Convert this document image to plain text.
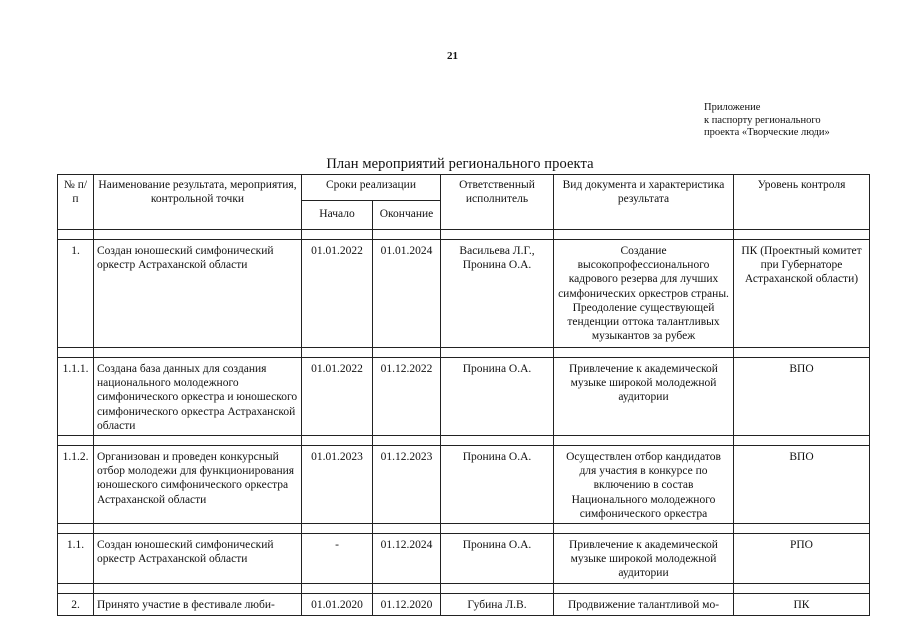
21
Приложение
к паспорту регионального
проекта «Творческие люди»
План мероприятий регионального проекта
№ п/п	Наименование результата, мероприятия, контрольной точки	Сроки реализации		Ответственный исполнитель	Вид документа и характеристика результата	Уровень контроля
		Начало	Окончание			

1.	Создан юношеский симфонический оркестр Астраханской области	01.01.2022	01.01.2024	Васильева Л.Г., Пронина О.А.	Создание высокопрофессионального кадрового резерва для лучших симфонических оркестров страны. Преодоление существующей тенденции оттока талантливых музыкантов за рубеж	ПК (Проектный комитет при Губернаторе Астраханской области)

1.1.1.	Создана база данных для создания национального молодежного симфонического оркестра и юношеского симфонического оркестра Астраханской области	01.01.2022	01.12.2022	Пронина О.А.	Привлечение к академической музыке широкой молодежной аудитории	ВПО

1.1.2.	Организован и проведен конкурсный отбор молодежи для функционирования юношеского симфонического оркестра Астраханской области	01.01.2023	01.12.2023	Пронина О.А.	Осуществлен отбор кандидатов для участия в конкурсе по включению в состав Национального молодежного симфонического оркестра	ВПО

1.1.	Создан юношеский симфонический оркестр Астраханской области	-	01.12.2024	Пронина О.А.	Привлечение к академической музыке широкой молодежной аудитории	РПО

2.	Принято участие в фестивале люби-	01.01.2020	01.12.2020	Губина Л.В.	Продвижение талантливой мо-	ПК
